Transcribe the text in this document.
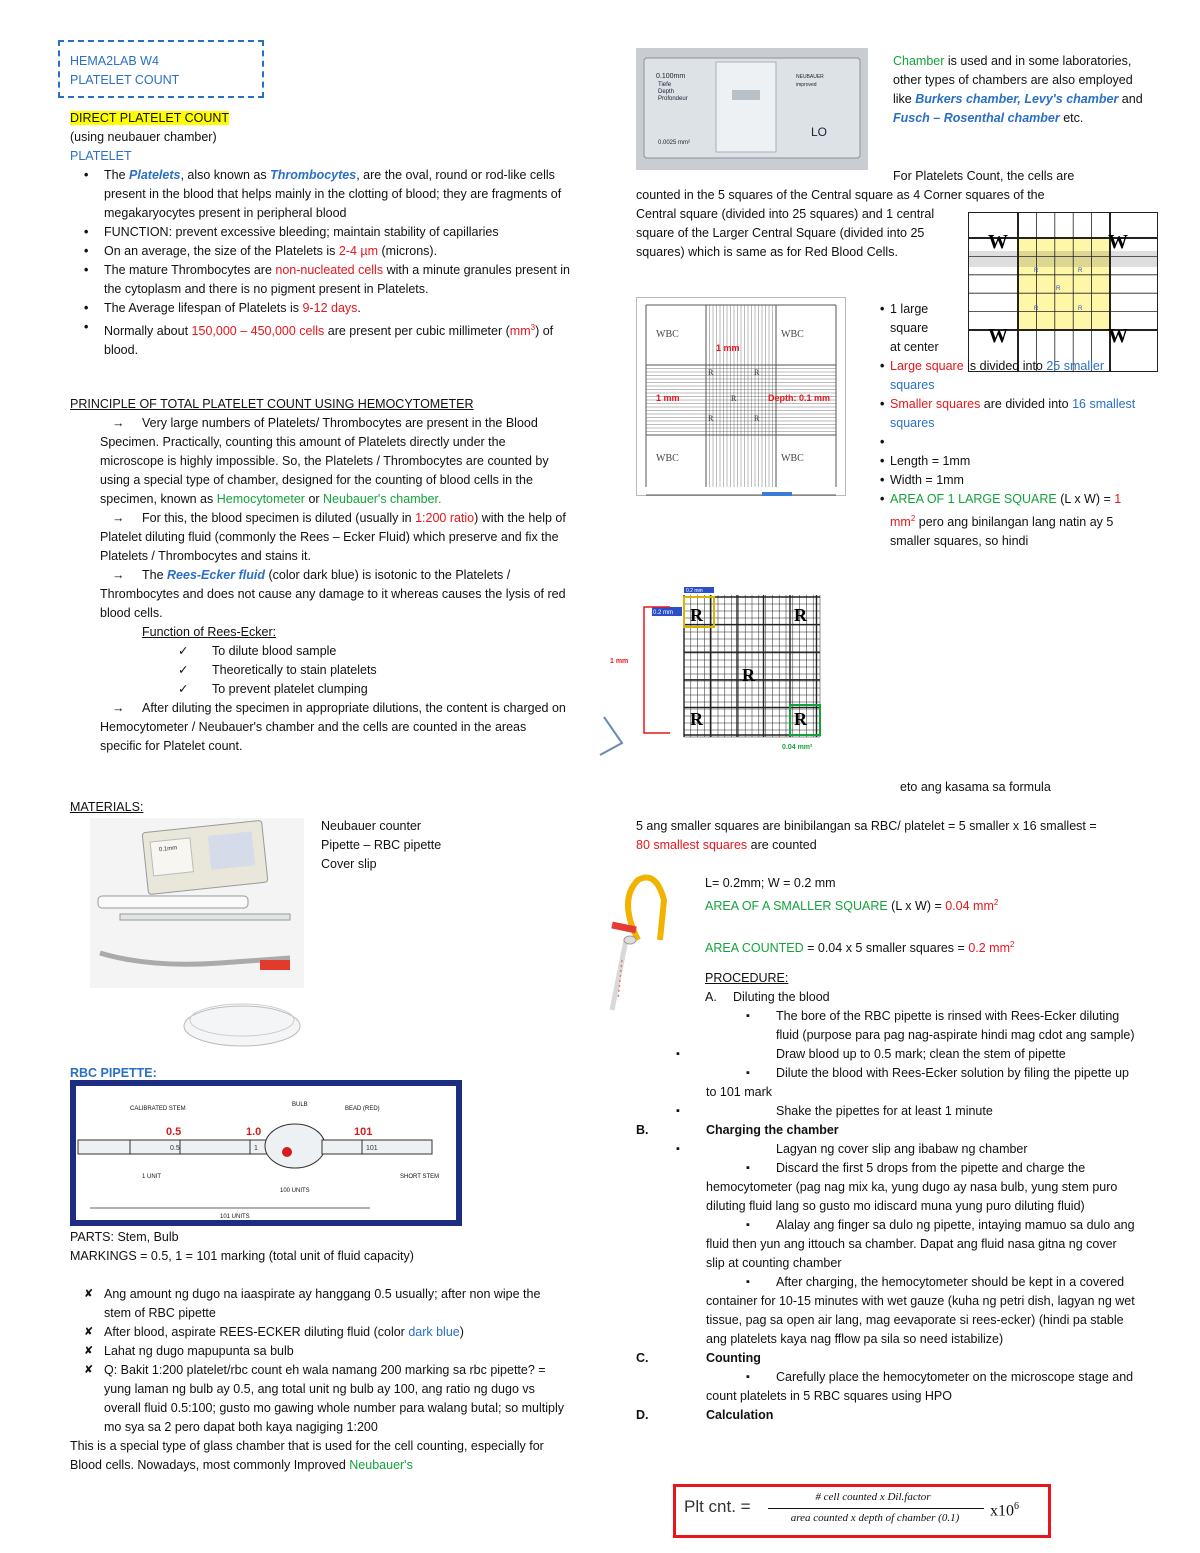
HEMA2LAB W4
PLATELET COUNT
DIRECT PLATELET COUNT
(using neubauer chamber)
PLATELET
• The Platelets, also known as Thrombocytes, are the oval, round or rod-like cells present in the blood that helps mainly in the clotting of blood; they are fragments of megakaryocytes present in peripheral blood
• FUNCTION: prevent excessive bleeding; maintain stability of capillaries
• On an average, the size of the Platelets is 2-4 µm (microns).
• The mature Thrombocytes are non-nucleated cells with a minute granules present in the cytoplasm and there is no pigment present in Platelets.
• The Average lifespan of Platelets is 9-12 days.
• Normally about 150,000 – 450,000 cells are present per cubic millimeter $(mm^3)$ of blood.
PRINCIPLE OF TOTAL PLATELET COUNT USING HEMOCYTOMETER
→ Very large numbers of Platelets/ Thrombocytes are present in the Blood Specimen. Practically, counting this amount of Platelets directly under the microscope is highly impossible. So, the Platelets / Thrombocytes are counted by using a special type of chamber, designed for the counting of blood cells in the specimen, known as Hemocytometer or Neubauer's chamber.
→ For this, the blood specimen is diluted (usually in 1:200 ratio) with the help of Platelet diluting fluid (commonly the Rees – Ecker Fluid) which preserve and fix the Platelets / Thrombocytes and stains it.
→ The Rees-Ecker fluid (color dark blue) is isotonic to the Platelets / Thrombocytes and does not cause any damage to it whereas causes the lysis of red blood cells.
Function of Rees-Ecker:
✓ To dilute blood sample
✓ Theoretically to stain platelets
✓ To prevent platelet clumping
→ After diluting the specimen in appropriate dilutions, the content is charged on Hemocytometer / Neubauer's chamber and the cells are counted in the areas specific for Platelet count.
MATERIALS:
0.1mm
Neubauer counter
Pipette – RBC pipette
Cover slip
RBC PIPETTE:
CALIBRATED STEM
BULB
BEAD (RED)
0.5	1.0	101
0.5	1	101
1 UNIT
100 UNITS
SHORT STEM
101 UNITS
PARTS: Stem, Bulb
MARKINGS = 0.5, 1 = 101 marking (total unit of fluid capacity)
✘ Ang amount ng dugo na iaaspirate ay hanggang 0.5 usually; after non wipe the stem of RBC pipette
✘ After blood, aspirate REES-ECKER diluting fluid (color dark blue)
✘ Lahat ng dugo mapupunta sa bulb
✘ Q: Bakit 1:200 platelet/rbc count eh wala namang 200 marking sa rbc pipette? = yung laman ng bulb ay 0.5, ang total unit ng bulb ay 100, ang ratio ng dugo vs overall fluid 0.5:100; gusto mo gawing whole number para walang butal; so multiply mo sya sa 2 pero dapat both kaya nagiging 1:200
This is a special type of glass chamber that is used for the cell counting, especially for Blood cells. Nowadays, most commonly Improved Neubauer's
0.100mm
Tiefe
Depth
Profondeur
0.0025 mm²
NEUBAUER
improved
LO
Chamber is used and in some laboratories, other types of chambers are also employed like Burkers chamber, Levy's chamber and Fusch – Rosenthal chamber etc.
For Platelets Count, the cells are
counted in the 5 squares of the Central square as 4 Corner squares of the
Central square (divided into 25 squares) and 1 central square of the Larger Central Square (divided into 25 squares) which is same as for Red Blood Cells.	W	W
W	W
R	R
R
R	R
WBC	WBC
WBC	WBC
R	R
R
R	R
1 mm
1 mm	Depth: 0.1 mm
• 1 large square at center
• Large square is divided into 25 smaller squares
• Smaller squares are divided into 16 smallest squares
•
• Length = 1mm
• Width = 1mm
• AREA OF 1 LARGE SQUARE (L x W) = 1 $mm^2$ pero ang binilangan lang natin ay 5 smaller squares, so hindi
0.2 mm
0.2 mm R	R
R
R	R
1 mm
0.04 mm²
eto ang kasama sa formula
5 ang smaller squares are binibilangan sa RBC/ platelet = 5 smaller x 16 smallest = 80 smallest squares are counted
L= 0.2mm; W = 0.2 mm
AREA OF A SMALLER SQUARE (L x W) = 0.04 $mm^2$
AREA COUNTED = 0.04 x 5 smaller squares = 0.2 $mm^2$
PROCEDURE:
A. Diluting the blood
▪ The bore of the RBC pipette is rinsed with Rees-Ecker diluting fluid (purpose para pag nag-aspirate hindi mag cdot ang sample)
▪ Draw blood up to 0.5 mark; clean the stem of pipette
▪ Dilute the blood with Rees-Ecker solution by filing the pipette up to 101 mark
▪ Shake the pipettes for at least 1 minute
B.	Charging the chamber
▪ Lagyan ng cover slip ang ibabaw ng chamber
▪ Discard the first 5 drops from the pipette and charge the hemocytometer (pag nag mix ka, yung dugo ay nasa bulb, yung stem puro diluting fluid lang so gusto mo idiscard muna yung puro diluting fluid)
▪ Alalay ang finger sa dulo ng pipette, intaying mamuo sa dulo ang fluid then yun ang ittouch sa chamber. Dapat ang fluid nasa gitna ng cover slip at counting chamber
▪ After charging, the hemocytometer should be kept in a covered container for 10-15 minutes with wet gauze (kuha ng petri dish, lagyan ng wet tissue, pag sa open air lang, mag eevaporate si rees-ecker) (hindi pa stable ang platelets kaya nag fflow pa sila so need istabilize)
C.	Counting
▪ Carefully place the hemocytometer on the microscope stage and count platelets in 5 RBC squares using HPO
D.	Calculation
Plt cnt. =	# cell counted x Dil.factor
area counted x depth of chamber (0.1)	$x10^6$
